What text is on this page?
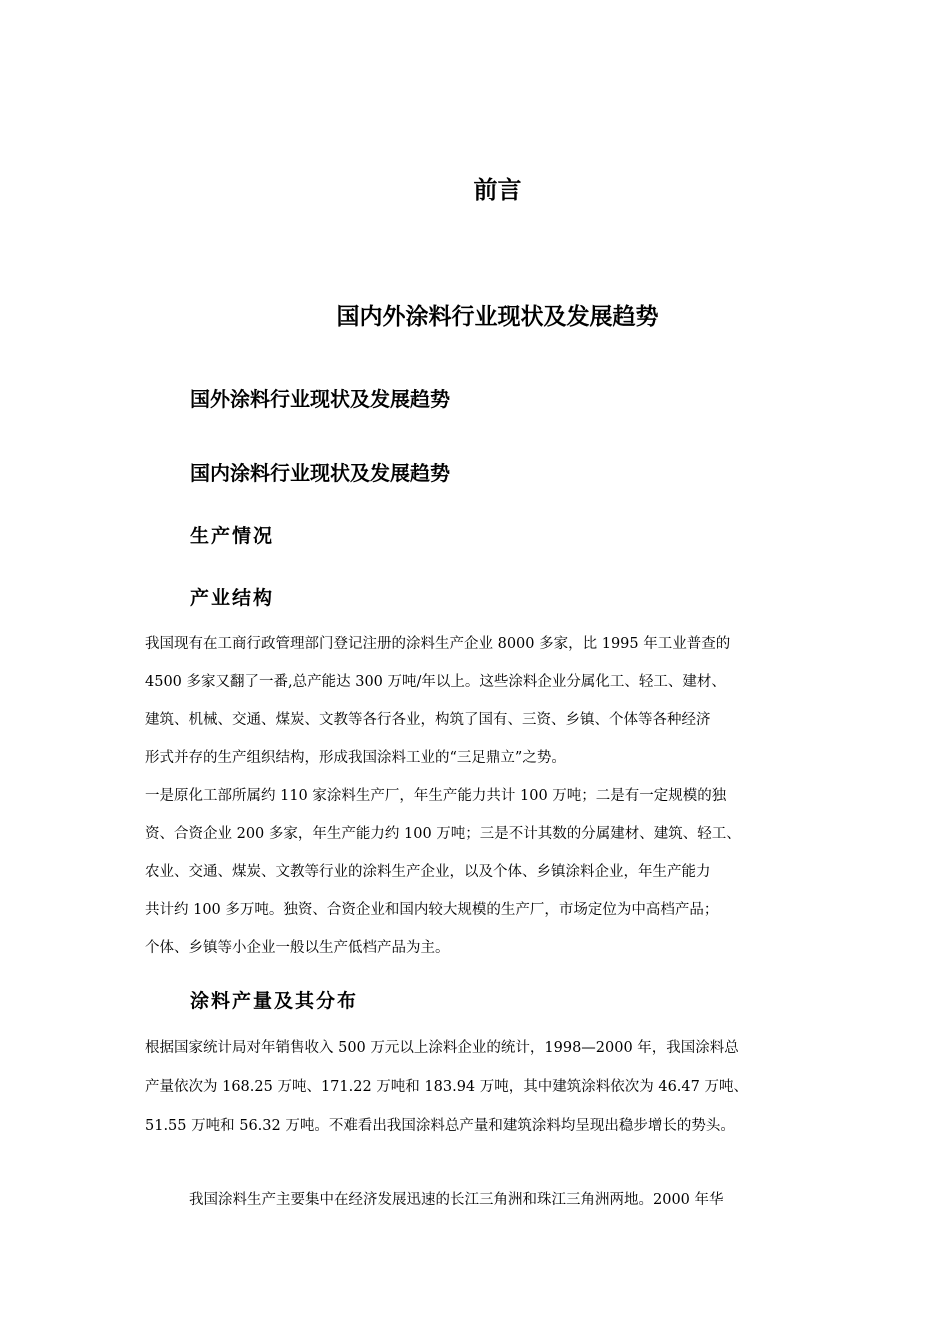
前言
国内外涂料行业现状及发展趋势
国外涂料行业现状及发展趋势
国内涂料行业现状及发展趋势
生产情况
产业结构
我国现有在工商行政管理部门登记注册的涂料生产企业 8000 多家，比 1995 年工业普查的
4500 多家又翻了一番,总产能达 300 万吨/年以上。这些涂料企业分属化工、轻工、建材、
建筑、机械、交通、煤炭、文教等各行各业，构筑了国有、三资、乡镇、个体等各种经济
形式并存的生产组织结构，形成我国涂料工业的“三足鼎立”之势。
一是原化工部所属约 110 家涂料生产厂，年生产能力共计 100 万吨；二是有一定规模的独
资、合资企业 200 多家，年生产能力约 100 万吨；三是不计其数的分属建材、建筑、轻工、
农业、交通、煤炭、文教等行业的涂料生产企业，以及个体、乡镇涂料企业，年生产能力
共计约 100 多万吨。独资、合资企业和国内较大规模的生产厂，市场定位为中高档产品；
个体、乡镇等小企业一般以生产低档产品为主。
涂料产量及其分布
根据国家统计局对年销售收入 500 万元以上涂料企业的统计，1998—2000 年，我国涂料总
产量依次为 168.25 万吨、171.22 万吨和 183.94 万吨，其中建筑涂料依次为 46.47 万吨、
51.55 万吨和 56.32 万吨。不难看出我国涂料总产量和建筑涂料均呈现出稳步增长的势头。
我国涂料生产主要集中在经济发展迅速的长江三角洲和珠江三角洲两地。2000 年华
